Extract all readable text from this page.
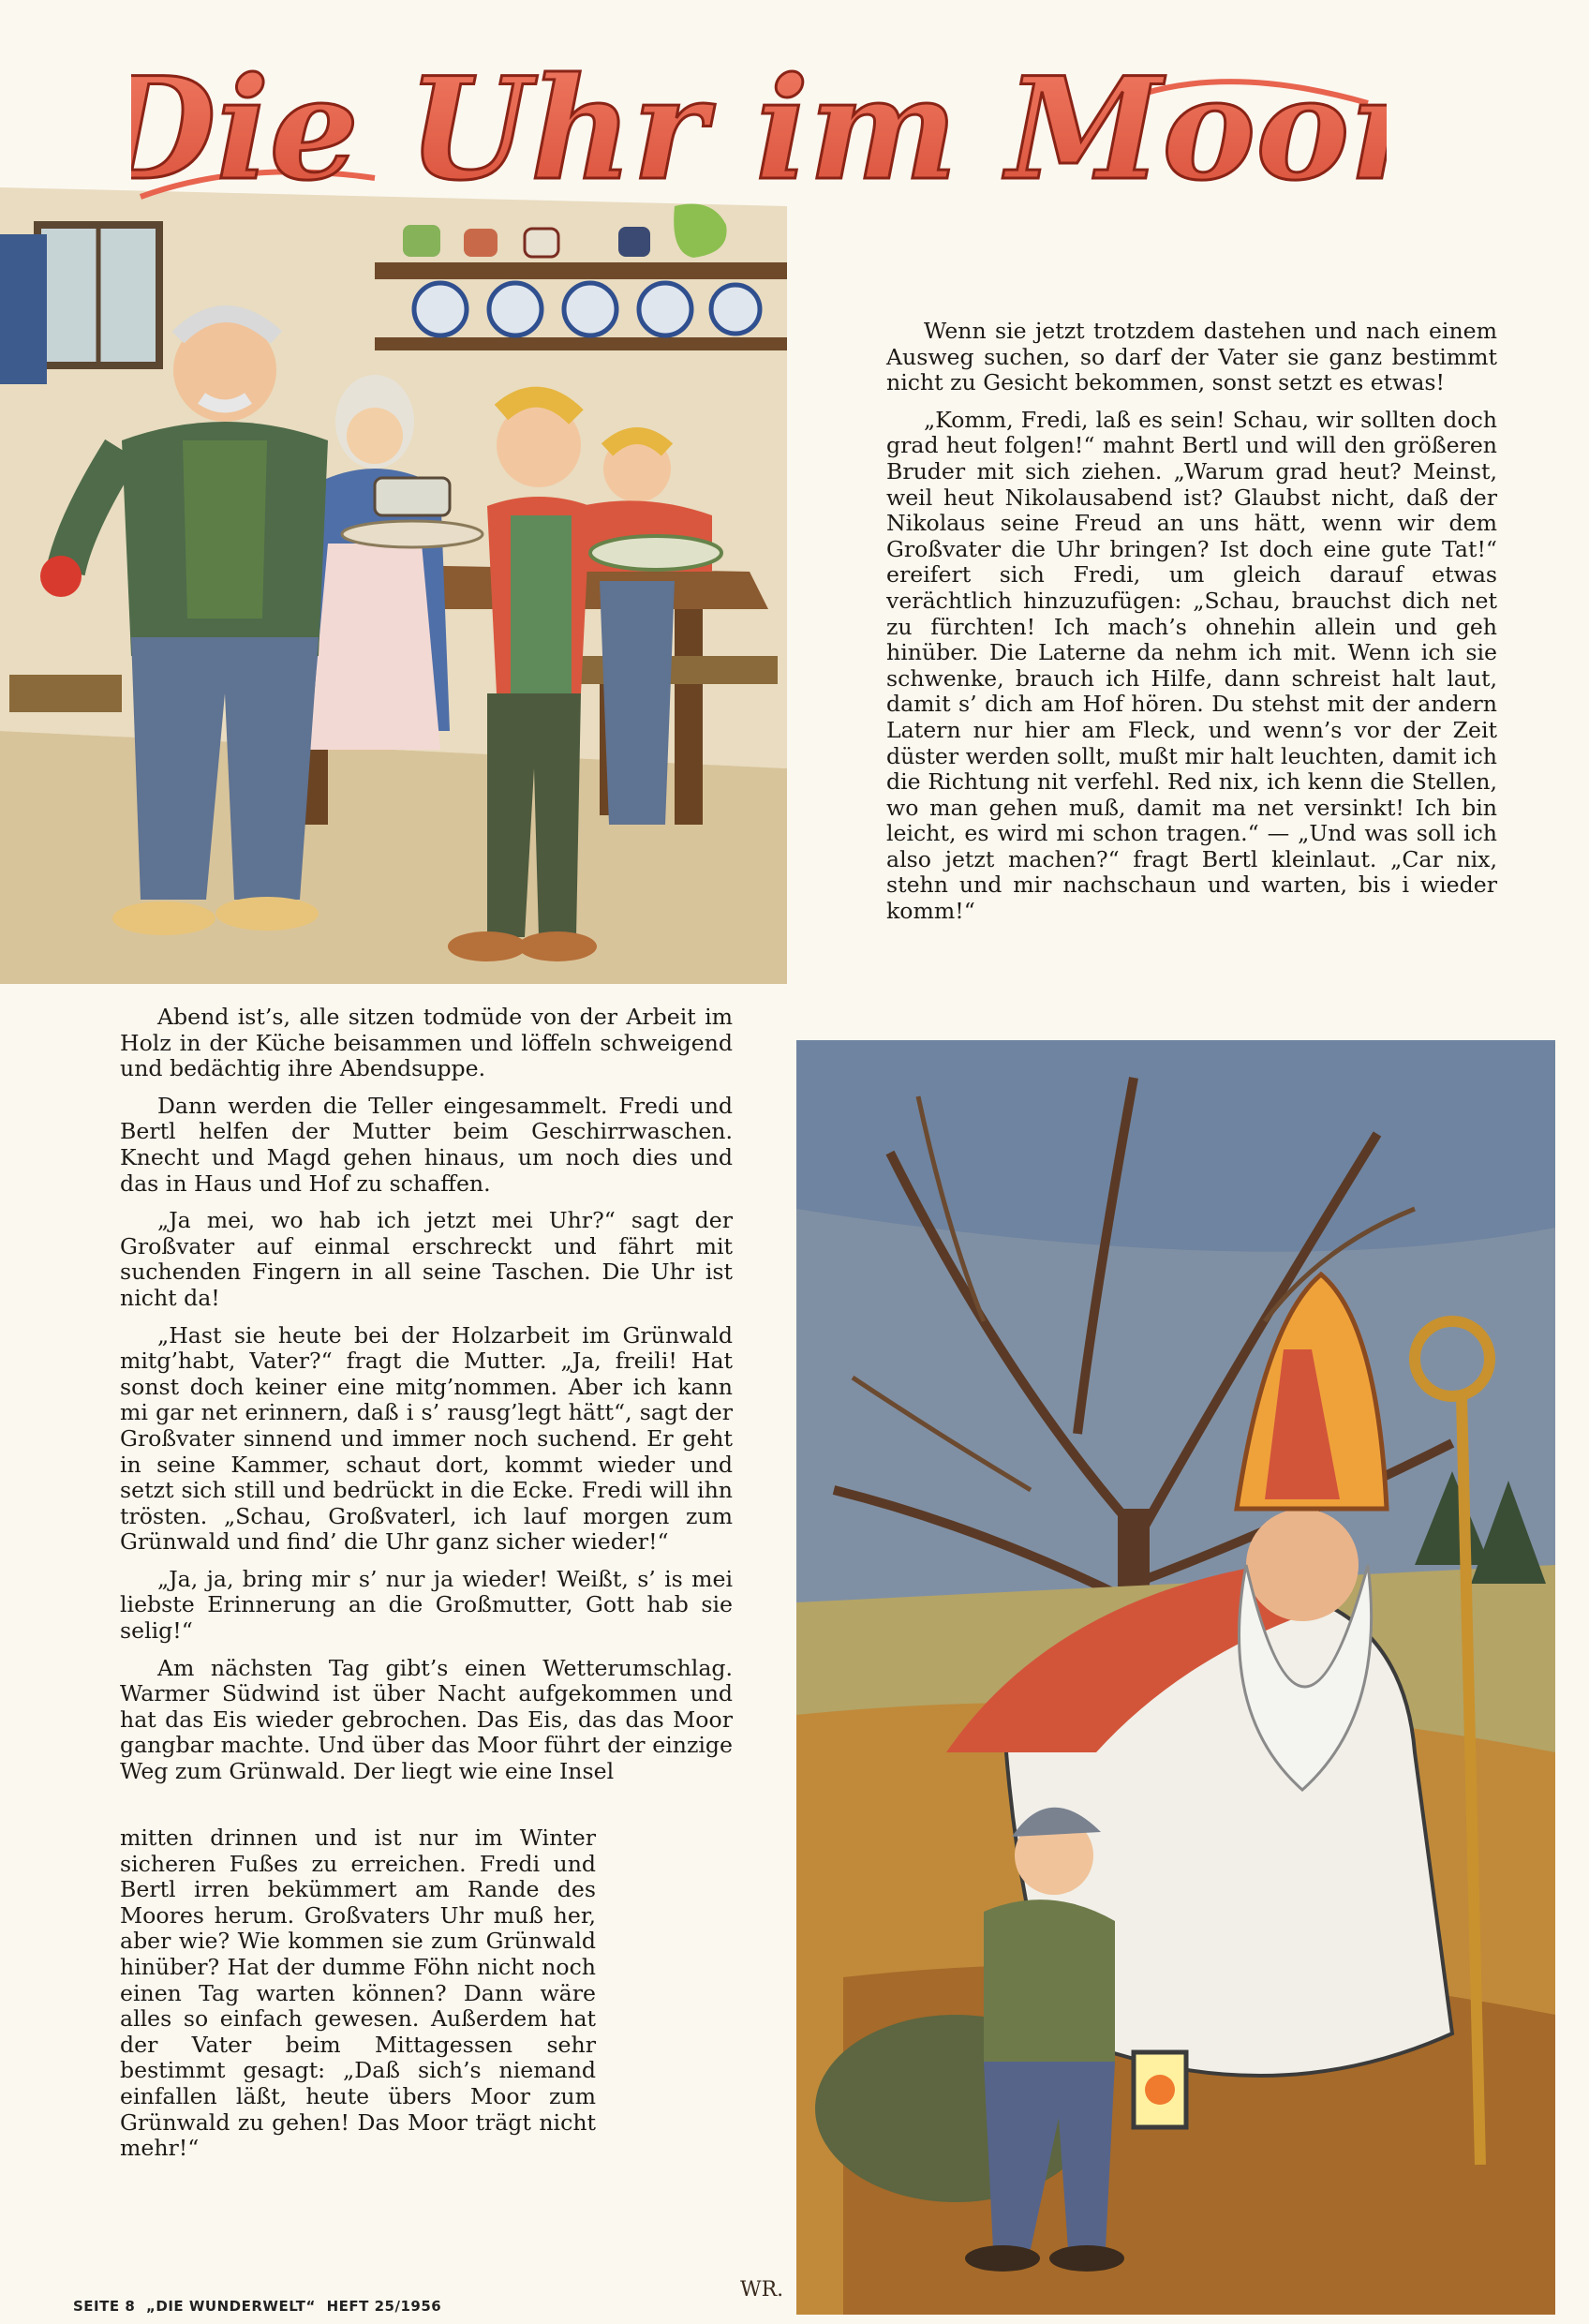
Die Uhr im Moor

Wenn sie jetzt trotzdem dastehen und nach einem Ausweg suchen, so darf der Vater sie ganz bestimmt nicht zu Gesicht bekommen, sonst setzt es etwas!

„Komm, Fredi, laß es sein! Schau, wir sollten doch grad heut folgen!“ mahnt Bertl und will den größeren Bruder mit sich ziehen. „Warum grad heut? Meinst, weil heut Nikolausabend ist? Glaubst nicht, daß der Nikolaus seine Freud an uns hätt, wenn wir dem Großvater die Uhr bringen? Ist doch eine gute Tat!“ ereifert sich Fredi, um gleich darauf etwas verächtlich hinzuzufügen: „Schau, brauchst dich net zu fürchten! Ich mach’s ohnehin allein und geh hinüber. Die Laterne da nehm ich mit. Wenn ich sie schwenke, brauch ich Hilfe, dann schreist halt laut, damit s’ dich am Hof hören. Du stehst mit der andern Latern nur hier am Fleck, und wenn’s vor der Zeit düster werden sollt, mußt mir halt leuchten, damit ich die Richtung nit verfehl. Red nix, ich kenn die Stellen, wo man gehen muß, damit ma net versinkt! Ich bin leicht, es wird mi schon tragen.“ — „Und was soll ich also jetzt machen?“ fragt Bertl kleinlaut. „Car nix, stehn und mir nachschaun und warten, bis i wieder komm!“

Abend ist’s, alle sitzen todmüde von der Arbeit im Holz in der Küche beisammen und löffeln schweigend und bedächtig ihre Abendsuppe.

Dann werden die Teller eingesammelt. Fredi und Bertl helfen der Mutter beim Geschirrwaschen. Knecht und Magd gehen hinaus, um noch dies und das in Haus und Hof zu schaffen.

„Ja mei, wo hab ich jetzt mei Uhr?“ sagt der Großvater auf einmal erschreckt und fährt mit suchenden Fingern in all seine Taschen. Die Uhr ist nicht da!

„Hast sie heute bei der Holzarbeit im Grünwald mitg’habt, Vater?“ fragt die Mutter. „Ja, freili! Hat sonst doch keiner eine mitg’nommen. Aber ich kann mi gar net erinnern, daß i s’ rausg’legt hätt“, sagt der Großvater sinnend und immer noch suchend. Er geht in seine Kammer, schaut dort, kommt wieder und setzt sich still und bedrückt in die Ecke. Fredi will ihn trösten. „Schau, Großvaterl, ich lauf morgen zum Grünwald und find’ die Uhr ganz sicher wieder!“

„Ja, ja, bring mir s’ nur ja wieder! Weißt, s’ is mei liebste Erinnerung an die Großmutter, Gott hab sie selig!“

Am nächsten Tag gibt’s einen Wetterumschlag. Warmer Südwind ist über Nacht aufgekommen und hat das Eis wieder gebrochen. Das Eis, das das Moor gangbar machte. Und über das Moor führt der einzige Weg zum Grünwald. Der liegt wie eine Insel

mitten drinnen und ist nur im Winter sicheren Fußes zu erreichen. Fredi und Bertl irren bekümmert am Rande des Moores herum. Großvaters Uhr muß her, aber wie? Wie kommen sie zum Grünwald hinüber? Hat der dumme Föhn nicht noch einen Tag warten können? Dann wäre alles so einfach gewesen. Außerdem hat der Vater beim Mittagessen sehr bestimmt gesagt: „Daß sich’s niemand einfallen läßt, heute übers Moor zum Grünwald zu gehen! Das Moor trägt nicht mehr!“

WR.
SEITE 8 „DIE WUNDERWELT“ HEFT 25/1956
